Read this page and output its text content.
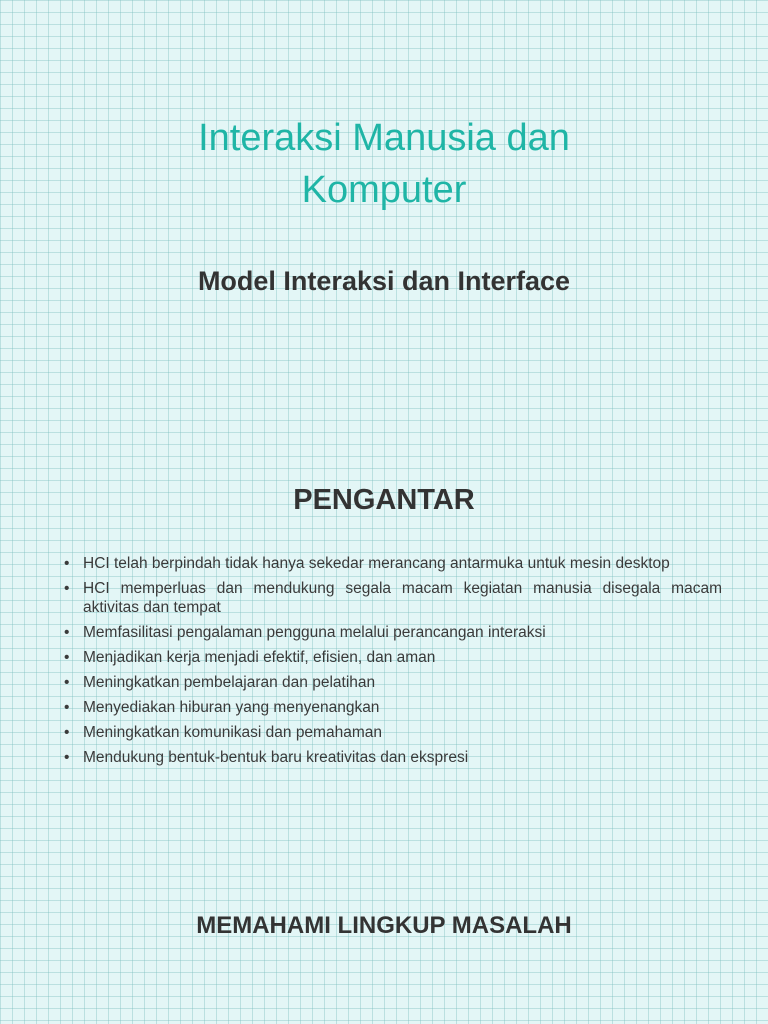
Interaksi Manusia dan
Komputer
Model Interaksi dan Interface
PENGANTAR
• HCI telah berpindah tidak hanya sekedar merancang antarmuka untuk mesin desktop
• HCI memperluas dan mendukung segala macam kegiatan manusia disegala macam aktivitas dan tempat
• Memfasilitasi pengalaman pengguna melalui perancangan interaksi
• Menjadikan kerja menjadi efektif, efisien, dan aman
• Meningkatkan pembelajaran dan pelatihan
• Menyediakan hiburan yang menyenangkan
• Meningkatkan komunikasi dan pemahaman
• Mendukung bentuk-bentuk baru kreativitas dan ekspresi
MEMAHAMI LINGKUP MASALAH
